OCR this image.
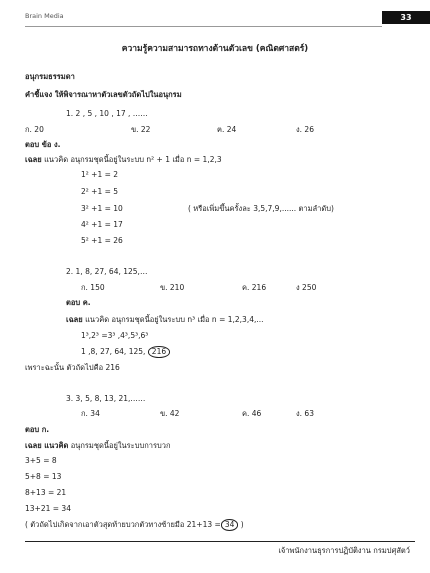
Brain Media	33
ความรู้ความสามารถทางด้านตัวเลข (คณิตศาสตร์)
อนุกรมธรรมดา
คำชี้แจง ให้พิจารณาหาตัวเลขตัวถัดไปในอนุกรม
1. 2 , 5 , 10 , 17 , ……
ก. 20	ข. 22	ฅ. 24	ง. 26
ตอบ ข้อ ง.
เฉลย แนวคิด อนุกรมชุดนี้อยู่ในระบบ n² + 1 เมื่อ n = 1,2,3
1² +1 = 2
2² +1 = 5
3² +1 = 10	( หรือเพิ่มขึ้นครั้งละ 3,5,7,9,...... ตามลำดับ)
4² +1 = 17
5² +1 = 26
2. 1, 8, 27, 64, 125,…
ก. 150	ข. 210	ค. 216	ง 250
ตอบ ค.
เฉลย แนวคิด อนุกรมชุดนี้อยู่ในระบบ n³ เมื่อ n = 1,2,3,4,...
1³,2³ =3³ ,4³,5³,6³
1 ,8, 27, 64, 125, 216
เพราะฉะนั้น ตัวถัดไปคือ 216
3. 3, 5, 8, 13, 21,……
ก. 34	ข. 42	ค. 46	ง. 63
ตอบ ก.
เฉลย แนวคิด อนุกรมชุดนี้อยู่ในระบบการบวก
3+5 = 8
5+8 = 13
8+13 = 21
13+21 = 34
( ตัวถัดไปเกิดจากเอาตัวสุดท้ายบวกตัวทางซ้ายมือ 21+13 = 34 )
เจ้าพนักงานธุรการปฏิบัติงาน กรมปศุสัตว์
